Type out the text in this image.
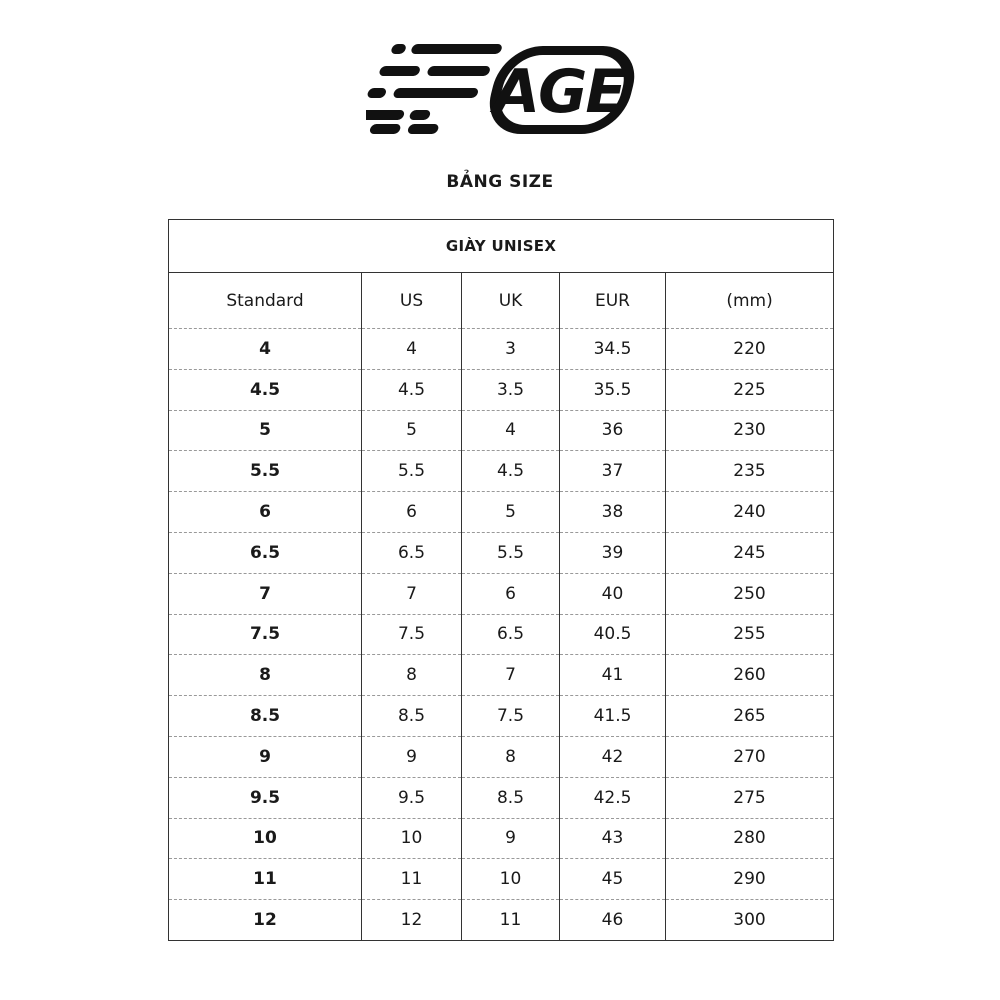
AGE
BẢNG SIZE
GIÀY UNISEX				
Standard	US	UK	EUR	(mm)
4	4	3	34.5	220
4.5	4.5	3.5	35.5	225
5	5	4	36	230
5.5	5.5	4.5	37	235
6	6	5	38	240
6.5	6.5	5.5	39	245
7	7	6	40	250
7.5	7.5	6.5	40.5	255
8	8	7	41	260
8.5	8.5	7.5	41.5	265
9	9	8	42	270
9.5	9.5	8.5	42.5	275
10	10	9	43	280
11	11	10	45	290
12	12	11	46	300
